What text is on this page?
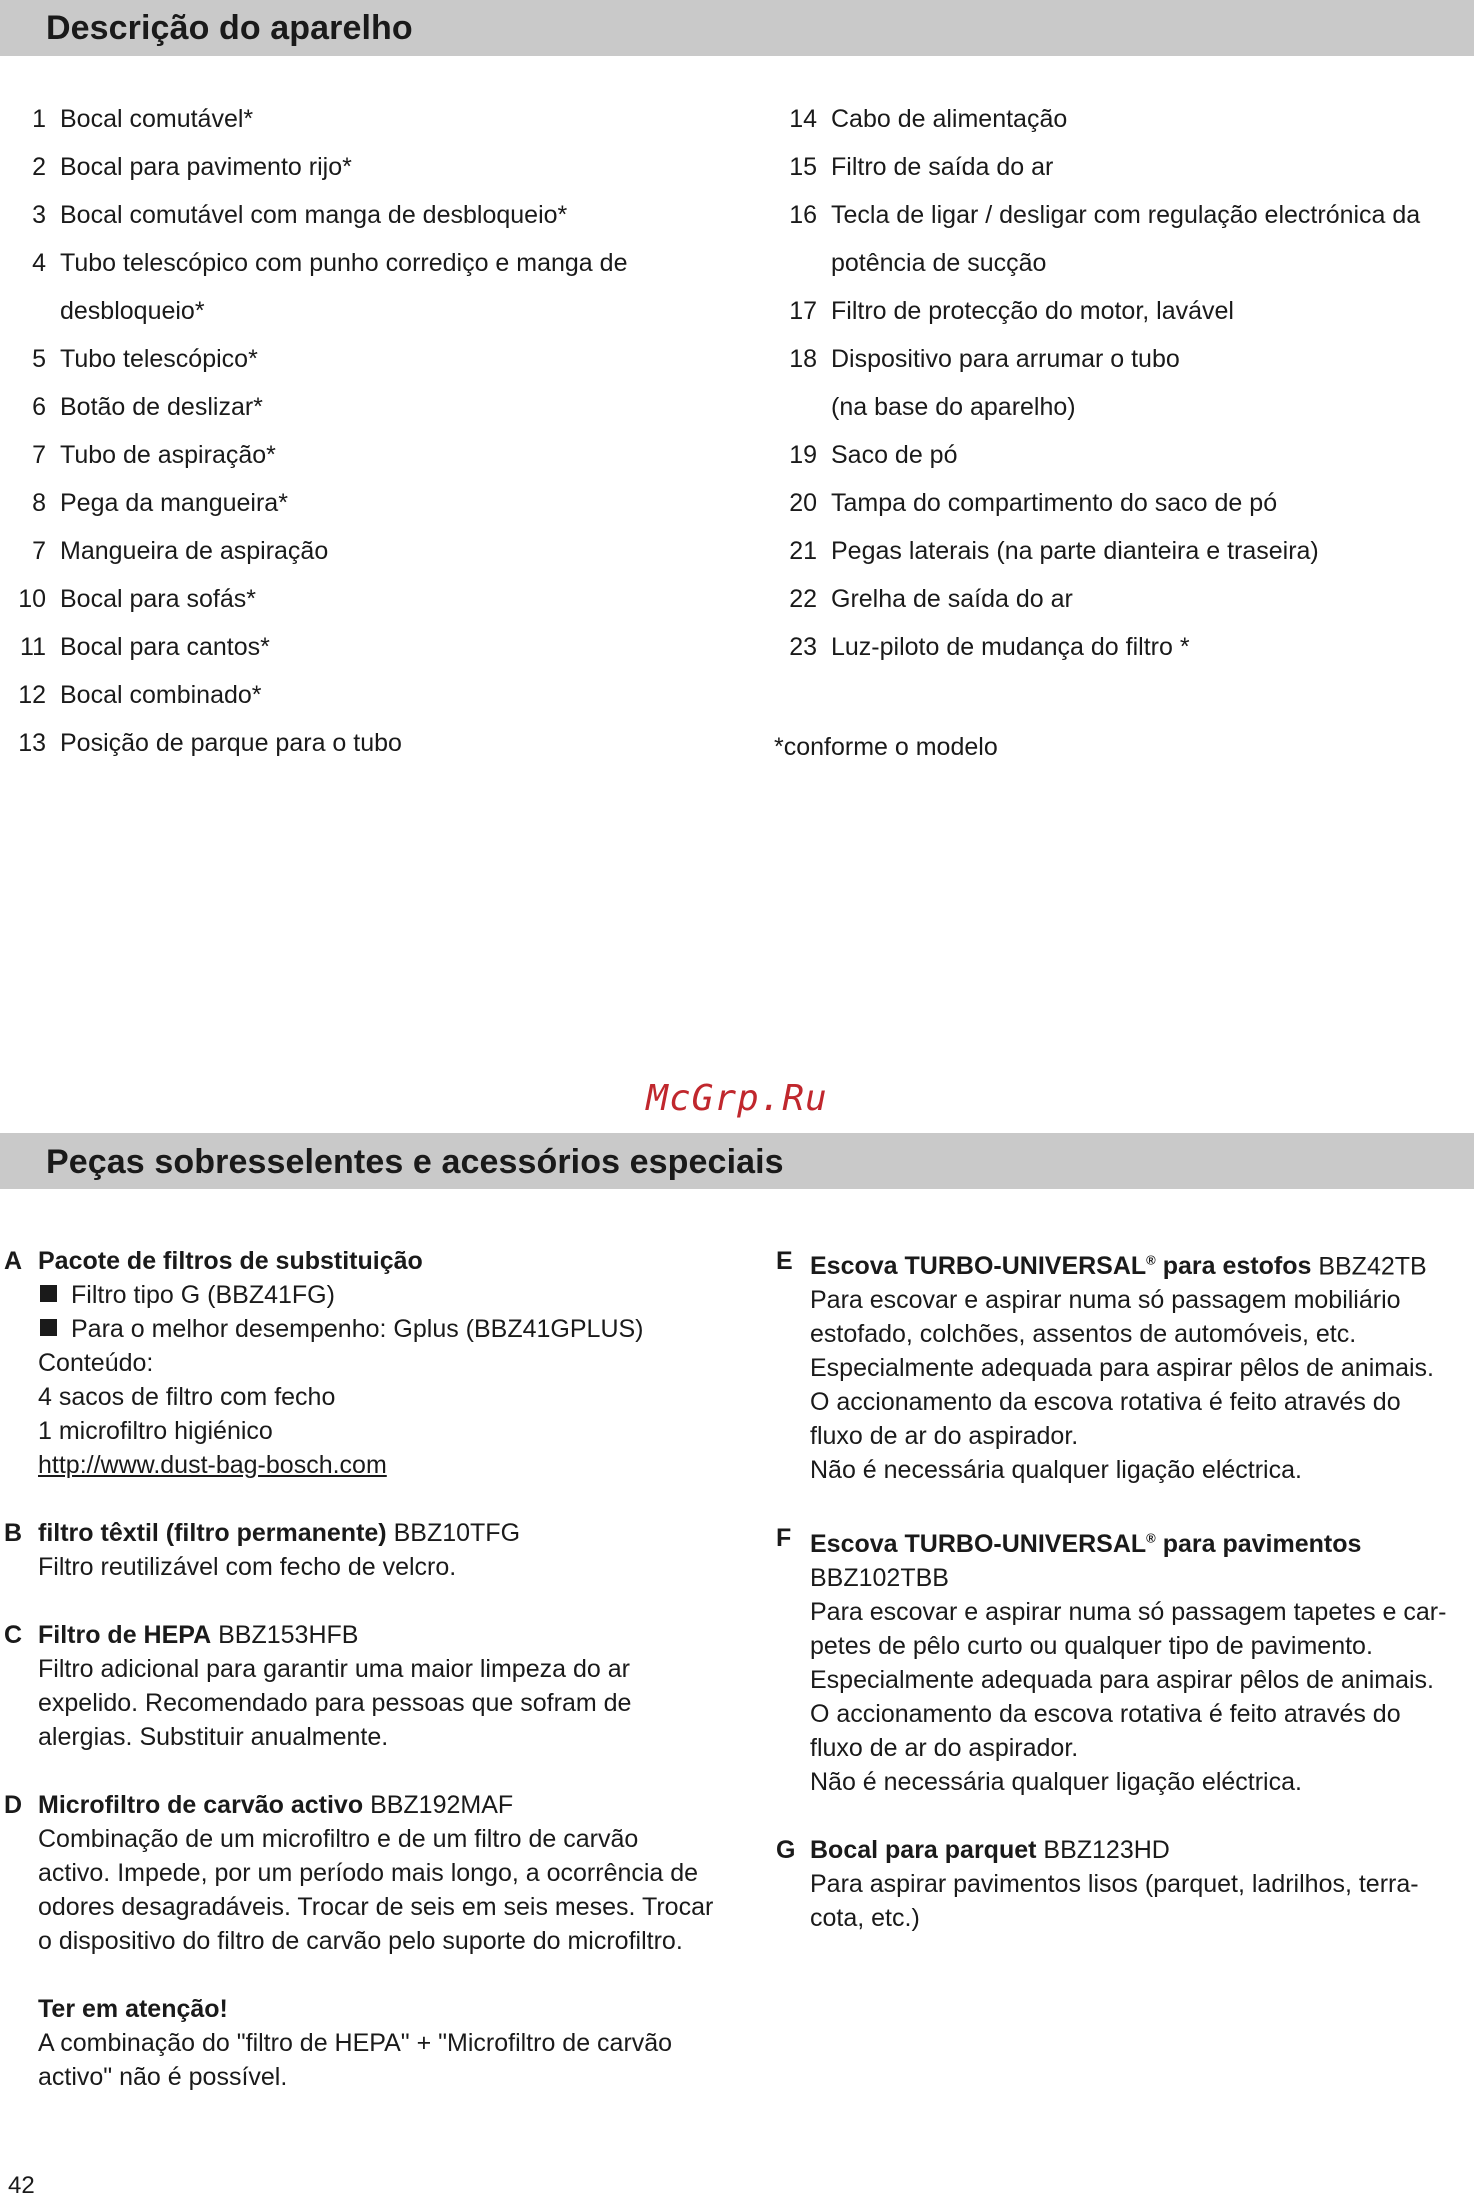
Descrição do aparelho
1 Bocal comutável*
2 Bocal para pavimento rijo*
3 Bocal comutável com manga de desbloqueio*
4 Tubo telescópico com punho corrediço e manga de
desbloqueio*
5 Tubo telescópico*
6 Botão de deslizar*
7 Tubo de aspiração*
8 Pega da mangueira*
7 Mangueira de aspiração
10 Bocal para sofás*
11 Bocal para cantos*
12 Bocal combinado*
13 Posição de parque para o tubo
14 Cabo de alimentação
15 Filtro de saída do ar
16 Tecla de ligar / desligar com regulação electrónica da
potência de sucção
17 Filtro de protecção do motor, lavável
18 Dispositivo para arrumar o tubo
(na base do aparelho)
19 Saco de pó
20 Tampa do compartimento do saco de pó
21 Pegas laterais (na parte dianteira e traseira)
22 Grelha de saída do ar
23 Luz-piloto de mudança do filtro *
*conforme o modelo
McGrp.Ru
Peças sobresselentes e acessórios especiais
A Pacote de filtros de substituição

Filtro tipo G (BBZ41FG)

Para o melhor desempenho: Gplus (BBZ41GPLUS)

Conteúdo:

4 sacos de filtro com fecho

1 microfiltro higiénico

http://www.dust-bag-bosch.com

B filtro têxtil (filtro permanente) BBZ10TFG

Filtro reutilizável com fecho de velcro.

C Filtro de HEPA BBZ153HFB

Filtro adicional para garantir uma maior limpeza do ar

expelido. Recomendado para pessoas que sofram de

alergias. Substituir anualmente.

D Microfiltro de carvão activo BBZ192MAF

Combinação de um microfiltro e de um filtro de carvão

activo. Impede, por um período mais longo, a ocorrência de

odores desagradáveis. Trocar de seis em seis meses. Trocar

o dispositivo do filtro de carvão pelo suporte do microfiltro.

Ter em atenção!

A combinação do "filtro de HEPA" + "Microfiltro de carvão

activo" não é possível.

E Escova TURBO-UNIVERSAL® para estofos BBZ42TB

Para escovar e aspirar numa só passagem mobiliário

estofado, colchões, assentos de automóveis, etc.

Especialmente adequada para aspirar pêlos de animais.

O accionamento da escova rotativa é feito através do

fluxo de ar do aspirador.

Não é necessária qualquer ligação eléctrica.

F Escova TURBO-UNIVERSAL® para pavimentos

BBZ102TBB

Para escovar e aspirar numa só passagem tapetes e car-

petes de pêlo curto ou qualquer tipo de pavimento.

Especialmente adequada para aspirar pêlos de animais.

O accionamento da escova rotativa é feito através do

fluxo de ar do aspirador.

Não é necessária qualquer ligação eléctrica.

G Bocal para parquet BBZ123HD

Para aspirar pavimentos lisos (parquet, ladrilhos, terra-

cota, etc.)

42
